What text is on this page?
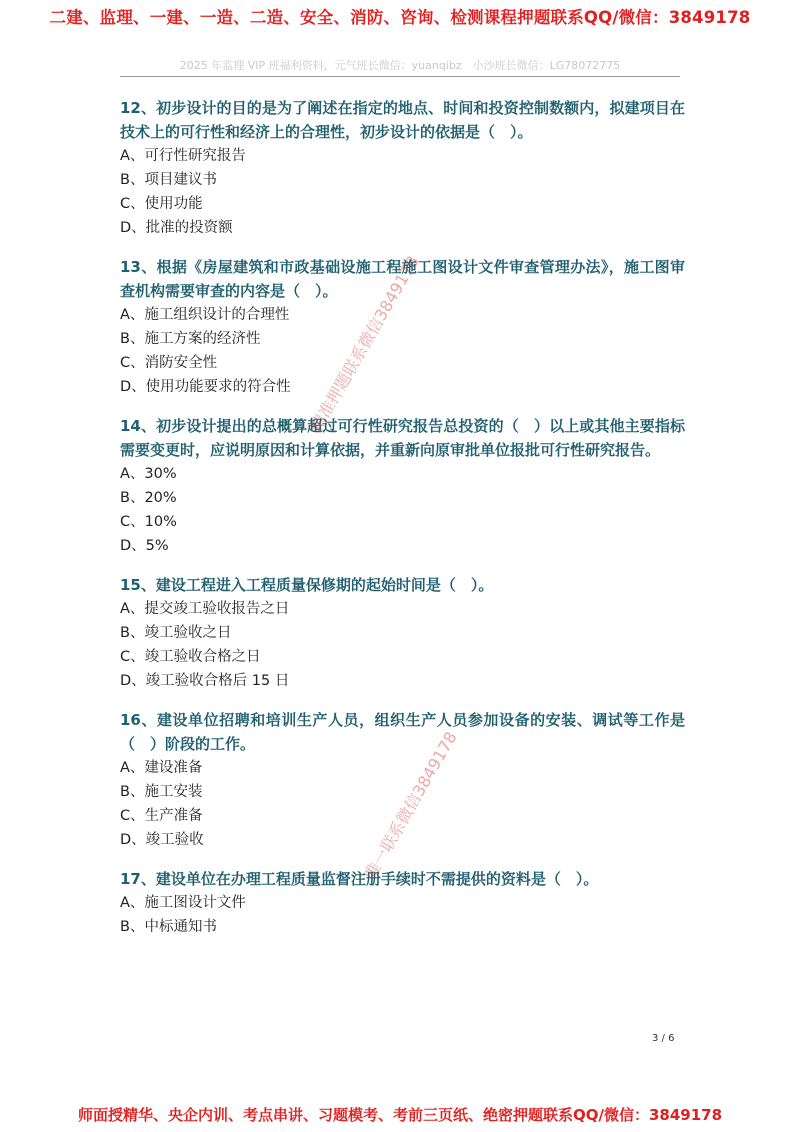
二建、监理、一建、一造、二造、安全、消防、咨询、检测课程押题联系QQ/微信：3849178
2025 年监理 VIP 班福利资料，元气班长微信：yuanqibz　小沙班长微信：LG78072775

12、初步设计的目的是为了阐述在指定的地点、时间和投资控制数额内，拟建项目在技术上的可行性和经济上的合理性，初步设计的依据是（　）。

A、可行性研究报告

B、项目建议书

C、使用功能

D、批准的投资额

13、根据《房屋建筑和市政基础设施工程施工图设计文件审查管理办法》，施工图审查机构需要审查的内容是（　）。

A、施工组织设计的合理性

B、施工方案的经济性

C、消防安全性

D、使用功能要求的符合性

14、初步设计提出的总概算超过可行性研究报告总投资的（　）以上或其他主要指标需要变更时，应说明原因和计算依据，并重新向原审批单位报批可行性研究报告。

A、30%

B、20%

C、10%

D、5%

15、建设工程进入工程质量保修期的起始时间是（　）。

A、提交竣工验收报告之日

B、竣工验收之日

C、竣工验收合格之日

D、竣工验收合格后 15 日

16、建设单位招聘和培训生产人员，组织生产人员参加设备的安装、调试等工作是（　）阶段的工作。

A、建设准备

B、施工安装

C、生产准备

D、竣工验收

17、建设单位在办理工程质量监督注册手续时不需提供的资料是（　）。

A、施工图设计文件

B、中标通知书

精准押题联系微信3849178
唯一联系微信3849178
3 / 6
师面授精华、央企内训、考点串讲、习题模考、考前三页纸、绝密押题联系QQ/微信：3849178
